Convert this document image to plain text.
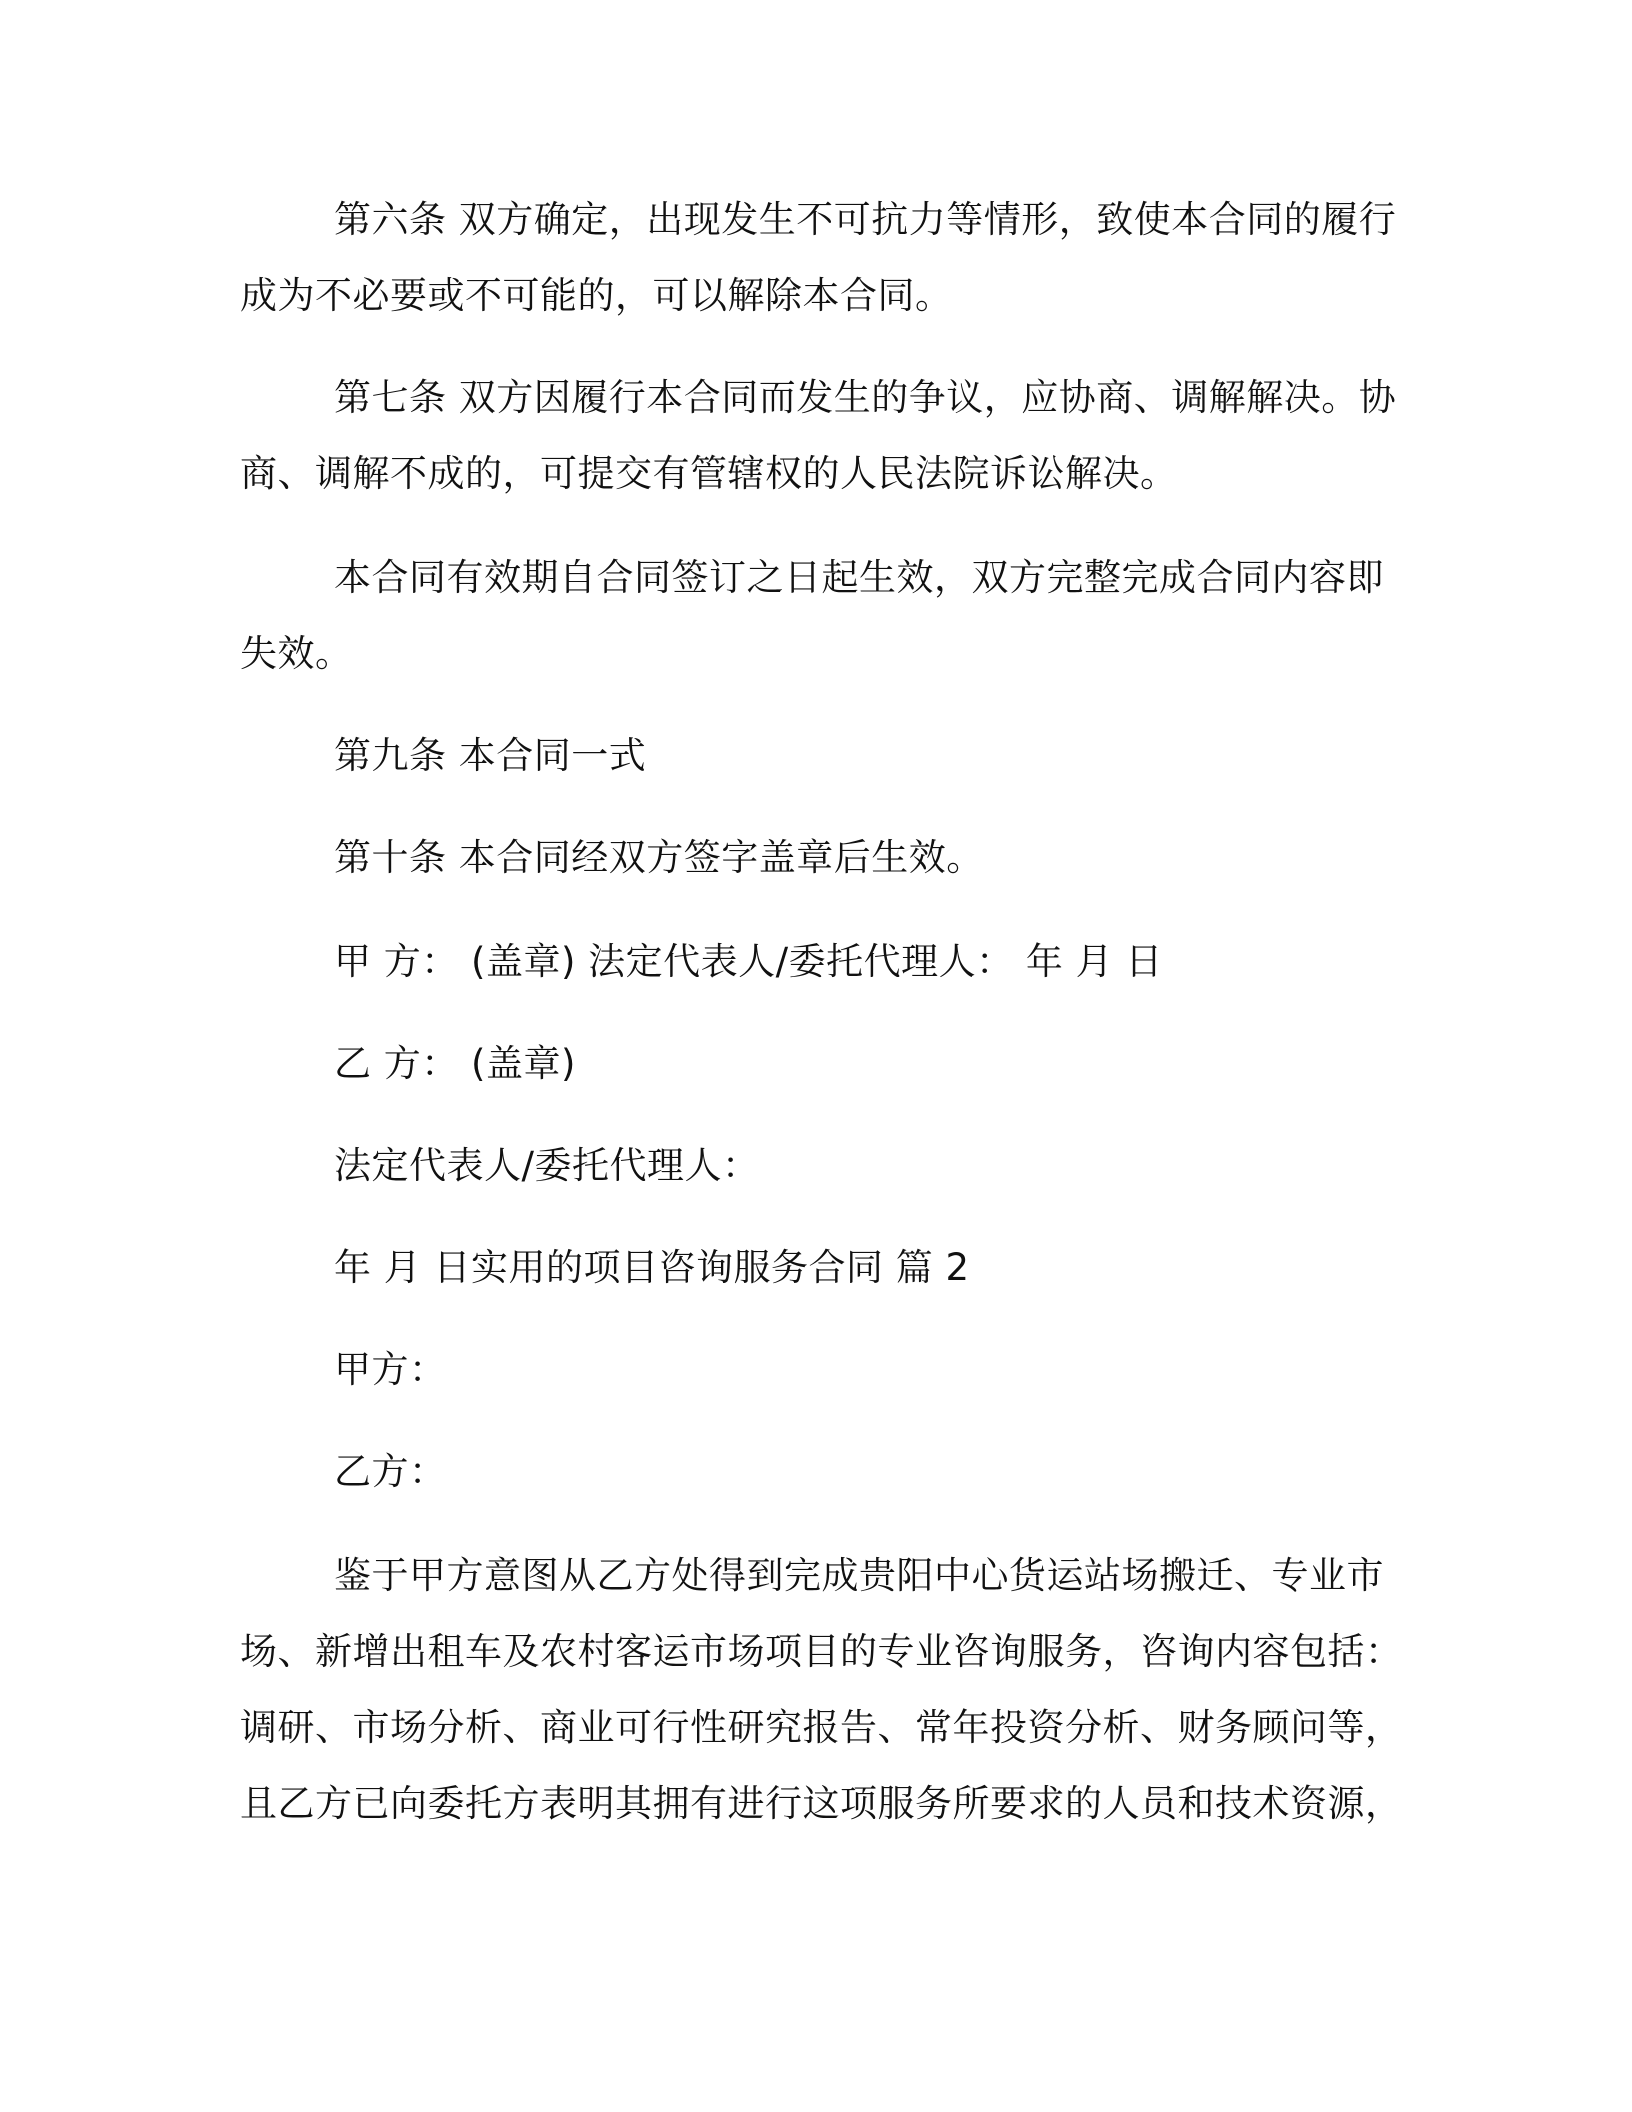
第六条 双方确定，出现发生不可抗力等情形，致使本合同的履行
成为不必要或不可能的，可以解除本合同。
第七条 双方因履行本合同而发生的争议，应协商、调解解决。协
商、调解不成的，可提交有管辖权的人民法院诉讼解决。
本合同有效期自合同签订之日起生效，双方完整完成合同内容即
失效。
第九条 本合同一式
第十条 本合同经双方签字盖章后生效。
甲 方： (盖章) 法定代表人/委托代理人： 年 月 日
乙 方： (盖章)
法定代表人/委托代理人：
年 月 日实用的项目咨询服务合同 篇 2
甲方：
乙方：
鉴于甲方意图从乙方处得到完成贵阳中心货运站场搬迁、专业市
场、新增出租车及农村客运市场项目的专业咨询服务，咨询内容包括：
调研、市场分析、商业可行性研究报告、常年投资分析、财务顾问等，
且乙方已向委托方表明其拥有进行这项服务所要求的人员和技术资源，
